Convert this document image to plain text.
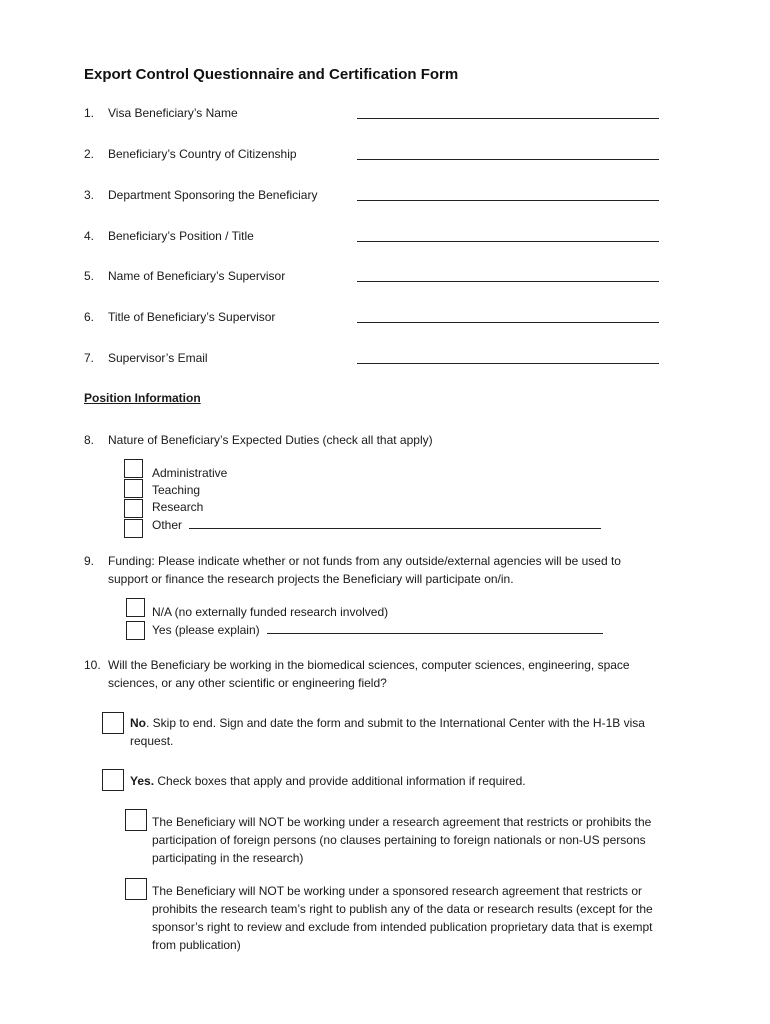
Export Control Questionnaire and Certification Form
1. Visa Beneficiary’s Name
2. Beneficiary’s Country of Citizenship
3. Department Sponsoring the Beneficiary
4. Beneficiary’s Position / Title
5. Name of Beneficiary’s Supervisor
6. Title of Beneficiary’s Supervisor
7. Supervisor’s Email
Position Information
8. Nature of Beneficiary’s Expected Duties (check all that apply)
Administrative
Teaching
Research
Other
9. Funding: Please indicate whether or not funds from any outside/external agencies will be used to support or finance the research projects the Beneficiary will participate on/in.
N/A (no externally funded research involved)
Yes (please explain)
10. Will the Beneficiary be working in the biomedical sciences, computer sciences, engineering, space sciences, or any other scientific or engineering field?
No. Skip to end. Sign and date the form and submit to the International Center with the H-1B visa request.
Yes. Check boxes that apply and provide additional information if required.
The Beneficiary will NOT be working under a research agreement that restricts or prohibits the participation of foreign persons (no clauses pertaining to foreign nationals or non-US persons participating in the research)
The Beneficiary will NOT be working under a sponsored research agreement that restricts or prohibits the research team’s right to publish any of the data or research results (except for the sponsor’s right to review and exclude from intended publication proprietary data that is exempt from publication)
